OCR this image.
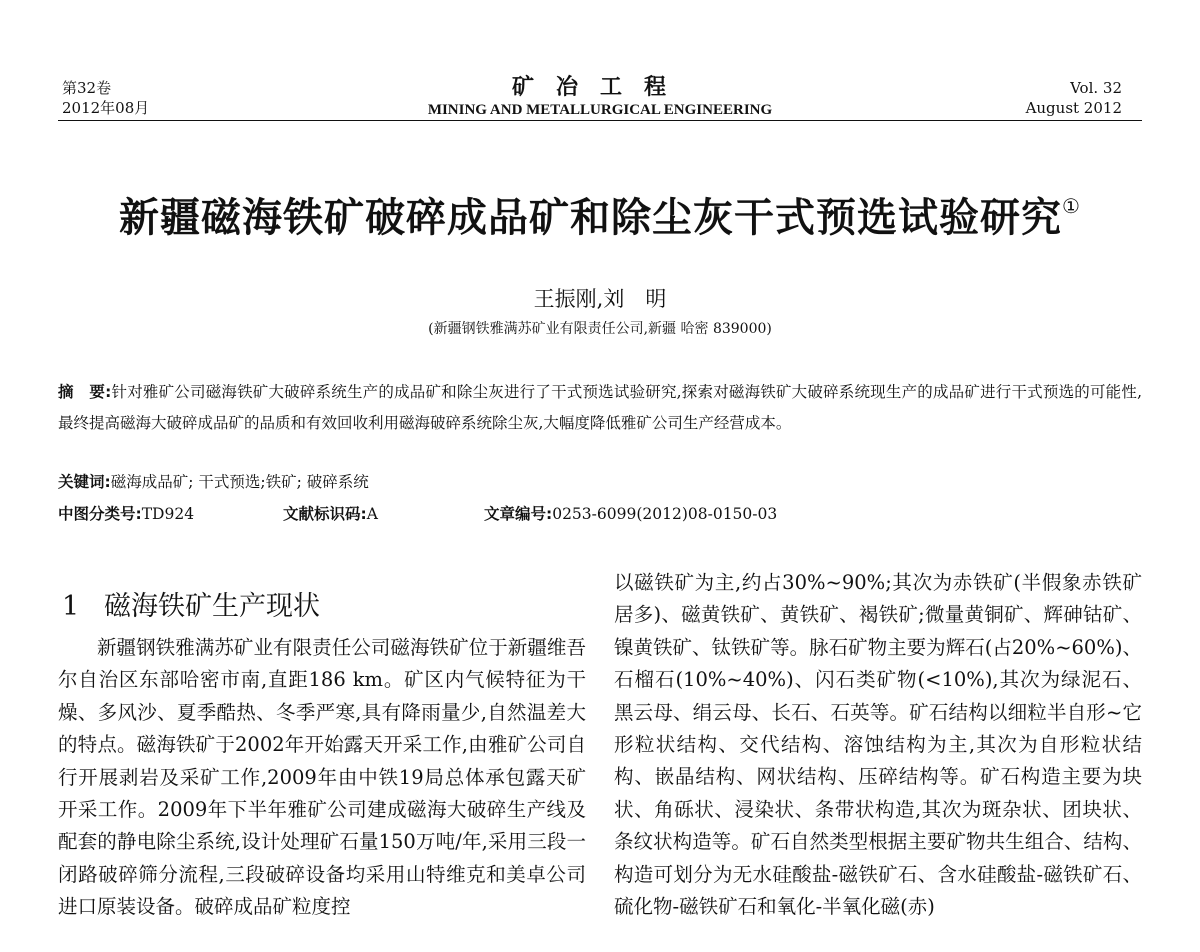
第32卷
2012年08月
矿冶工程
MINING AND METALLURGICAL ENGINEERING
Vol. 32
August 2012
新疆磁海铁矿破碎成品矿和除尘灰干式预选试验研究①
王振刚,刘　明
(新疆钢铁雅满苏矿业有限责任公司,新疆 哈密 839000)
摘　要:针对雅矿公司磁海铁矿大破碎系统生产的成品矿和除尘灰进行了干式预选试验研究,探索对磁海铁矿大破碎系统现生产的成品矿进行干式预选的可能性,最终提高磁海大破碎成品矿的品质和有效回收利用磁海破碎系统除尘灰,大幅度降低雅矿公司生产经营成本。
关键词:磁海成品矿; 干式预选;铁矿; 破碎系统
中图分类号:TD924	文献标识码:A	文章编号:0253-6099(2012)08-0150-03
1 磁海铁矿生产现状

新疆钢铁雅满苏矿业有限责任公司磁海铁矿位于新疆维吾尔自治区东部哈密市南,直距186 km。矿区内气候特征为干燥、多风沙、夏季酷热、冬季严寒,具有降雨量少,自然温差大的特点。磁海铁矿于2002年开始露天开采工作,由雅矿公司自行开展剥岩及采矿工作,2009年由中铁19局总体承包露天矿开采工作。2009年下半年雅矿公司建成磁海大破碎生产线及配套的静电除尘系统,设计处理矿石量150万吨/年,采用三段一闭路破碎筛分流程,三段破碎设备均采用山特维克和美卓公司进口原装设备。破碎成品矿粒度控

以磁铁矿为主,约占30%~90%;其次为赤铁矿(半假象赤铁矿居多)、磁黄铁矿、黄铁矿、褐铁矿;微量黄铜矿、辉砷钴矿、镍黄铁矿、钛铁矿等。脉石矿物主要为辉石(占20%~60%)、石榴石(10%~40%)、闪石类矿物(<10%),其次为绿泥石、黑云母、绢云母、长石、石英等。矿石结构以细粒半自形~它形粒状结构、交代结构、溶蚀结构为主,其次为自形粒状结构、嵌晶结构、网状结构、压碎结构等。矿石构造主要为块状、角砾状、浸染状、条带状构造,其次为斑杂状、团块状、条纹状构造等。矿石自然类型根据主要矿物共生组合、结构、构造可划分为无水硅酸盐-磁铁矿石、含水硅酸盐-磁铁矿石、硫化物-磁铁矿石和氧化-半氧化磁(赤)
